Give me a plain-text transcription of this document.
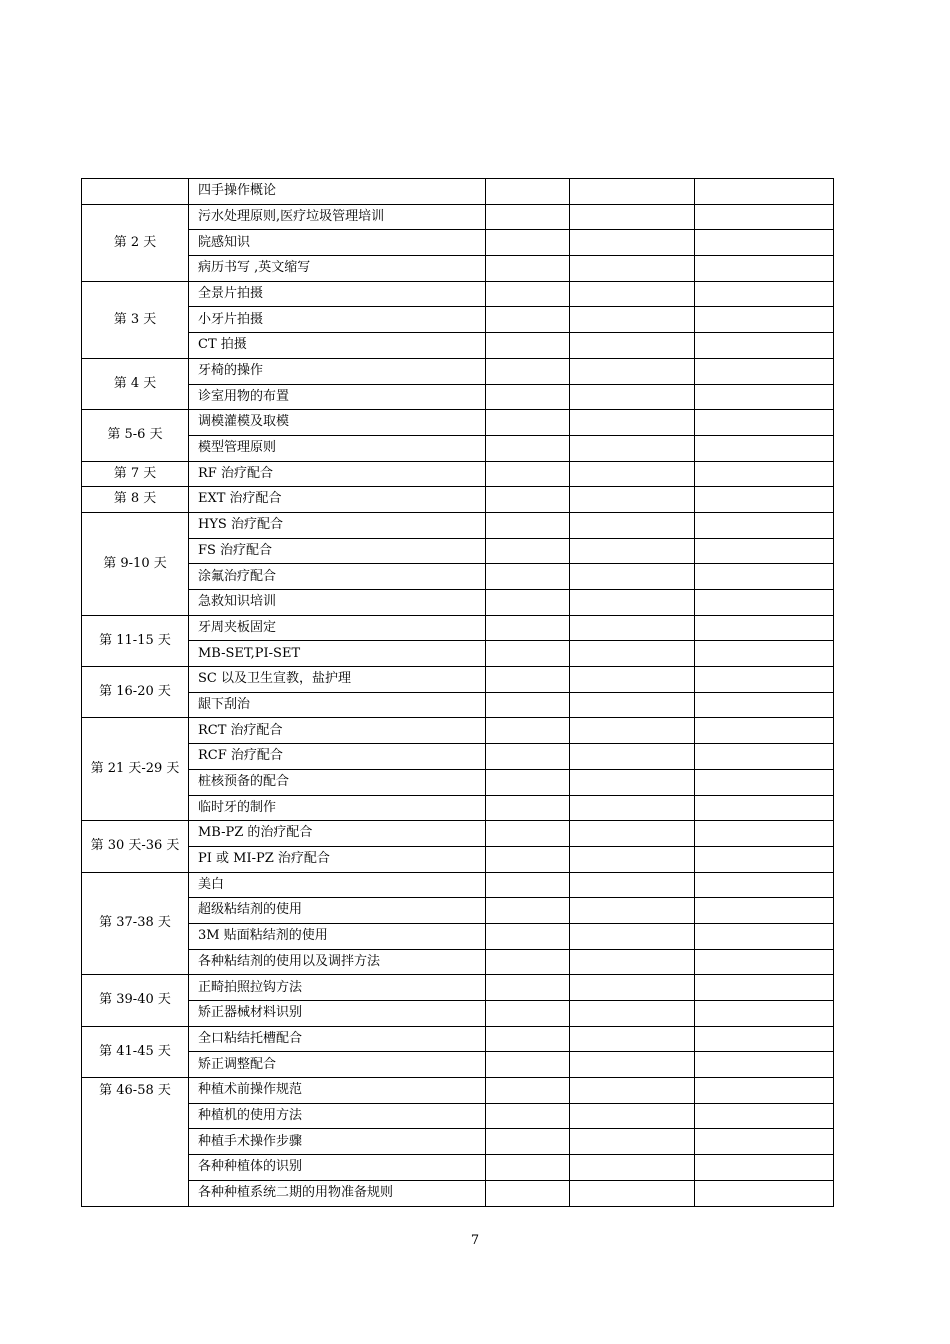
	四手操作概论			
第 2 天	污水处理原则,医疗垃圾管理培训			
	院感知识			
	病历书写 ,英文缩写			
第 3 天	全景片拍摄			
	小牙片拍摄			
	CT 拍摄			
第 4 天	牙椅的操作			
	诊室用物的布置			
第 5-6 天	调模灌模及取模			
	模型管理原则			
第 7 天	RF 治疗配合			
第 8 天	EXT 治疗配合			
第 9-10 天	HYS 治疗配合			
	FS 治疗配合			
	涂氟治疗配合			
	急救知识培训			
第 11-15 天	牙周夹板固定			
	MB-SET,PI-SET			
第 16-20 天	SC 以及卫生宣教，盐护理			
	龈下刮治			
第 21 天-29 天	RCT 治疗配合			
	RCF 治疗配合			
	桩核预备的配合			
	临时牙的制作			
第 30 天-36 天	MB-PZ 的治疗配合			
	PI 或 MI-PZ 治疗配合			
第 37-38 天	美白			
	超级粘结剂的使用			
	3M 贴面粘结剂的使用			
	各种粘结剂的使用以及调拌方法			
第 39-40 天	正畸拍照拉钩方法			
	矫正器械材料识别			
第 41-45 天	全口粘结托槽配合			
	矫正调整配合			
第 46-58 天	种植术前操作规范			
	种植机的使用方法			
	种植手术操作步骤			
	各种种植体的识别			
	各种种植系统二期的用物准备规则			
7
